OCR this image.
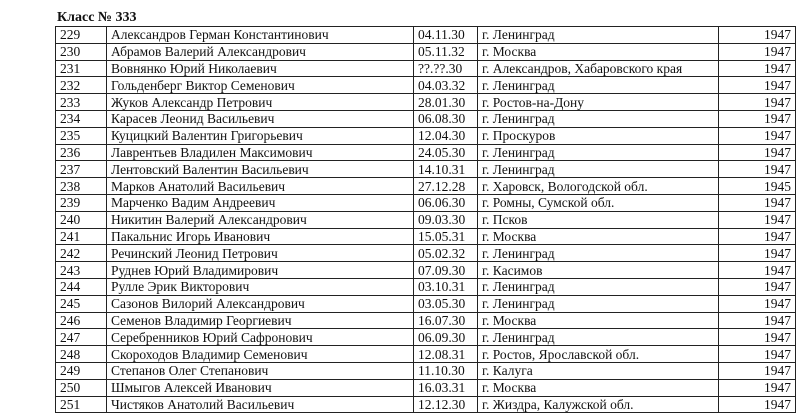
Класс № 333
229	Александров Герман Константинович	04.11.30	г. Ленинград	1947
230	Абрамов Валерий Александрович	05.11.32	г. Москва	1947
231	Вовнянко Юрий Николаевич	??.??.30	г. Александров, Хабаровского края	1947
232	Гольденберг Виктор Семенович	04.03.32	г. Ленинград	1947
233	Жуков Александр Петрович	28.01.30	г. Ростов-на-Дону	1947
234	Карасев Леонид Васильевич	06.08.30	г. Ленинград	1947
235	Куцицкий Валентин Григорьевич	12.04.30	г. Проскуров	1947
236	Лаврентьев Владилен Максимович	24.05.30	г. Ленинград	1947
237	Лентовский Валентин Васильевич	14.10.31	г. Ленинград	1947
238	Марков Анатолий Васильевич	27.12.28	г. Харовск, Вологодской обл.	1945
239	Марченко Вадим Андреевич	06.06.30	г. Ромны, Сумской обл.	1947
240	Никитин Валерий Александрович	09.03.30	г. Псков	1947
241	Пакальнис Игорь Иванович	15.05.31	г. Москва	1947
242	Речинский Леонид Петрович	05.02.32	г. Ленинград	1947
243	Руднев Юрий Владимирович	07.09.30	г. Касимов	1947
244	Рулле Эрик Викторович	03.10.31	г. Ленинград	1947
245	Сазонов Вилорий Александрович	03.05.30	г. Ленинград	1947
246	Семенов Владимир Георгиевич	16.07.30	г. Москва	1947
247	Серебренников Юрий Сафронович	06.09.30	г. Ленинград	1947
248	Скороходов Владимир Семенович	12.08.31	г. Ростов, Ярославской обл.	1947
249	Степанов Олег Степанович	11.10.30	г. Калуга	1947
250	Шмыгов Алексей Иванович	16.03.31	г. Москва	1947
251	Чистяков Анатолий Васильевич	12.12.30	г. Жиздра, Калужской обл.	1947
